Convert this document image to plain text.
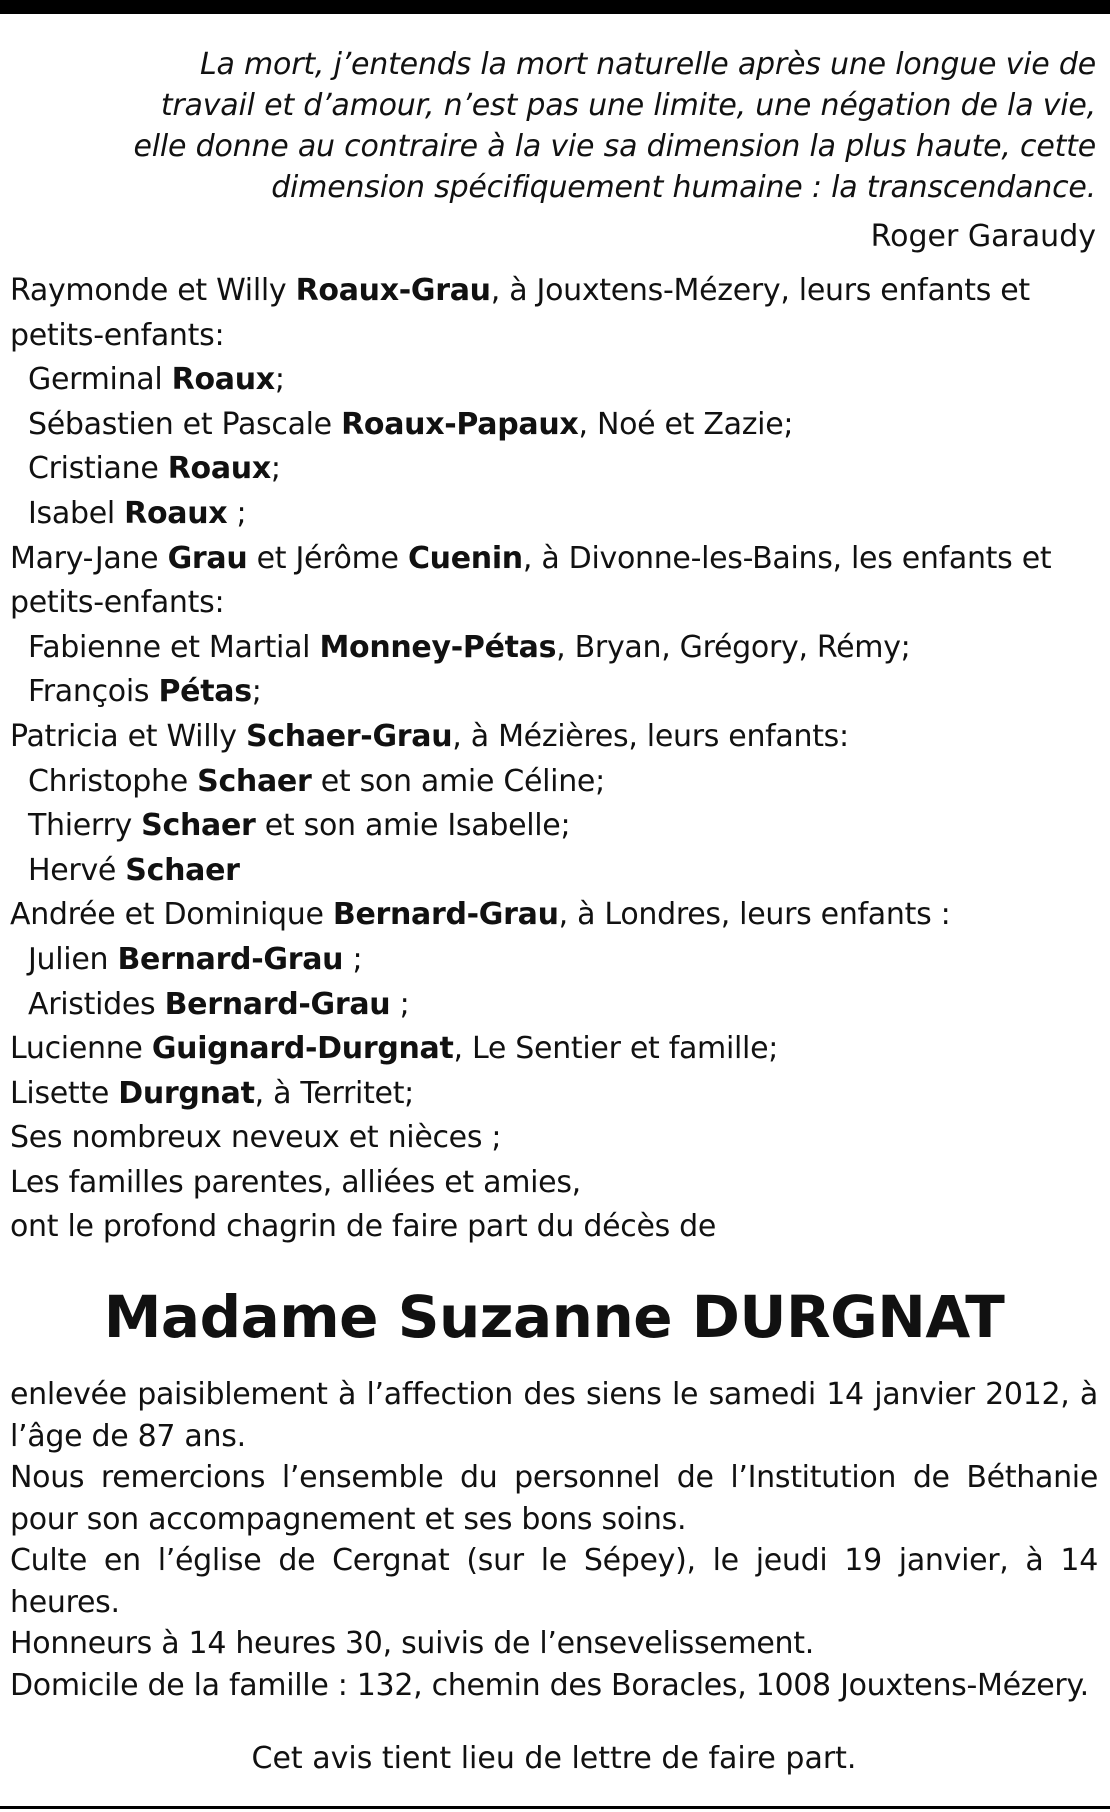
La mort, j’entends la mort naturelle après une longue vie de
travail et d’amour, n’est pas une limite, une négation de la vie,
elle donne au contraire à la vie sa dimension la plus haute, cette
dimension spécifiquement humaine : la transcendance.
Roger Garaudy
Raymonde et Willy Roaux-Grau, à Jouxtens-Mézery, leurs enfants et
petits-enfants:
Germinal Roaux;
Sébastien et Pascale Roaux-Papaux, Noé et Zazie;
Cristiane Roaux;
Isabel Roaux ;
Mary-Jane Grau et Jérôme Cuenin, à Divonne-les-Bains, les enfants et
petits-enfants:
Fabienne et Martial Monney-Pétas, Bryan, Grégory, Rémy;
François Pétas;
Patricia et Willy Schaer-Grau, à Mézières, leurs enfants:
Christophe Schaer et son amie Céline;
Thierry Schaer et son amie Isabelle;
Hervé Schaer
Andrée et Dominique Bernard-Grau, à Londres, leurs enfants :
Julien Bernard-Grau ;
Aristides Bernard-Grau ;
Lucienne Guignard-Durgnat, Le Sentier et famille;
Lisette Durgnat, à Territet;
Ses nombreux neveux et nièces ;
Les familles parentes, alliées et amies,
ont le profond chagrin de faire part du décès de
Madame Suzanne DURGNAT

enlevée paisiblement à l’affection des siens le samedi 14 janvier 2012, à l’âge de 87 ans.

Nous remercions l’ensemble du personnel de l’Institution de Béthanie pour son accompagnement et ses bons soins.

Culte en l’église de Cergnat (sur le Sépey), le jeudi 19 janvier, à 14 heures.

Honneurs à 14 heures 30, suivis de l’ensevelissement.

Domicile de la famille : 132, chemin des Boracles, 1008 Jouxtens-Mézery.

Cet avis tient lieu de lettre de faire part.
